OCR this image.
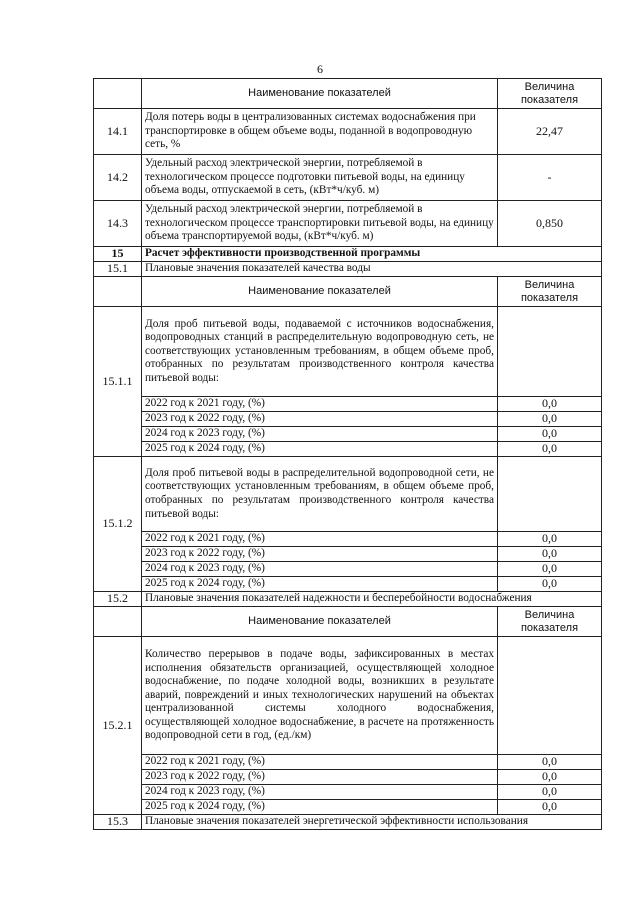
6
	Наименование показателей	Величина
показателя
14.1	Доля потерь воды в централизованных системах водоснабжения при транспортировке в общем объеме воды, поданной в водопроводную сеть, %	22,47
14.2	Удельный расход электрической энергии, потребляемой в технологическом процессе подготовки питьевой воды, на единицу объема воды, отпускаемой в сеть, (кВт*ч/куб. м)	-
14.3	Удельный расход электрической энергии, потребляемой в технологическом процессе транспортировки питьевой воды, на единицу объема транспортируемой воды, (кВт*ч/куб. м)	0,850
15	Расчет эффективности производственной программы	
15.1	Плановые значения показателей качества воды	
	Наименование показателей	Величина
показателя
15.1.1	Доля проб питьевой воды, подаваемой с источников водоснабжения, водопроводных станций в распределительную водопроводную сеть, не соответствующих установленным требованиям, в общем объеме проб, отобранных по результатам производственного контроля качества питьевой воды:	

	2022 год к 2021 году, (%)	0,0
	2023 год к 2022 году, (%)	0,0
	2024 год к 2023 году, (%)	0,0
	2025 год к 2024 году, (%)	0,0
15.1.2	Доля проб питьевой воды в распределительной водопроводной сети, не соответствующих установленным требованиям, в общем объеме проб, отобранных по результатам производственного контроля качества питьевой воды:	

	2022 год к 2021 году, (%)	0,0
	2023 год к 2022 году, (%)	0,0
	2024 год к 2023 году, (%)	0,0
	2025 год к 2024 году, (%)	0,0
15.2	Плановые значения показателей надежности и бесперебойности водоснабжения	
	Наименование показателей	Величина
показателя
15.2.1	Количество перерывов в подаче воды, зафиксированных в местах исполнения обязательств организацией, осуществляющей холодное водоснабжение, по подаче холодной воды, возникших в результате аварий, повреждений и иных технологических нарушений на объектах централизованной системы холодного водоснабжения, осуществляющей холодное водоснабжение, в расчете на протяженность водопроводной сети в год, (ед./км)	

	2022 год к 2021 году, (%)	0,0
	2023 год к 2022 году, (%)	0,0
	2024 год к 2023 году, (%)	0,0
	2025 год к 2024 году, (%)	0,0
15.3	Плановые значения показателей энергетической эффективности использования	
